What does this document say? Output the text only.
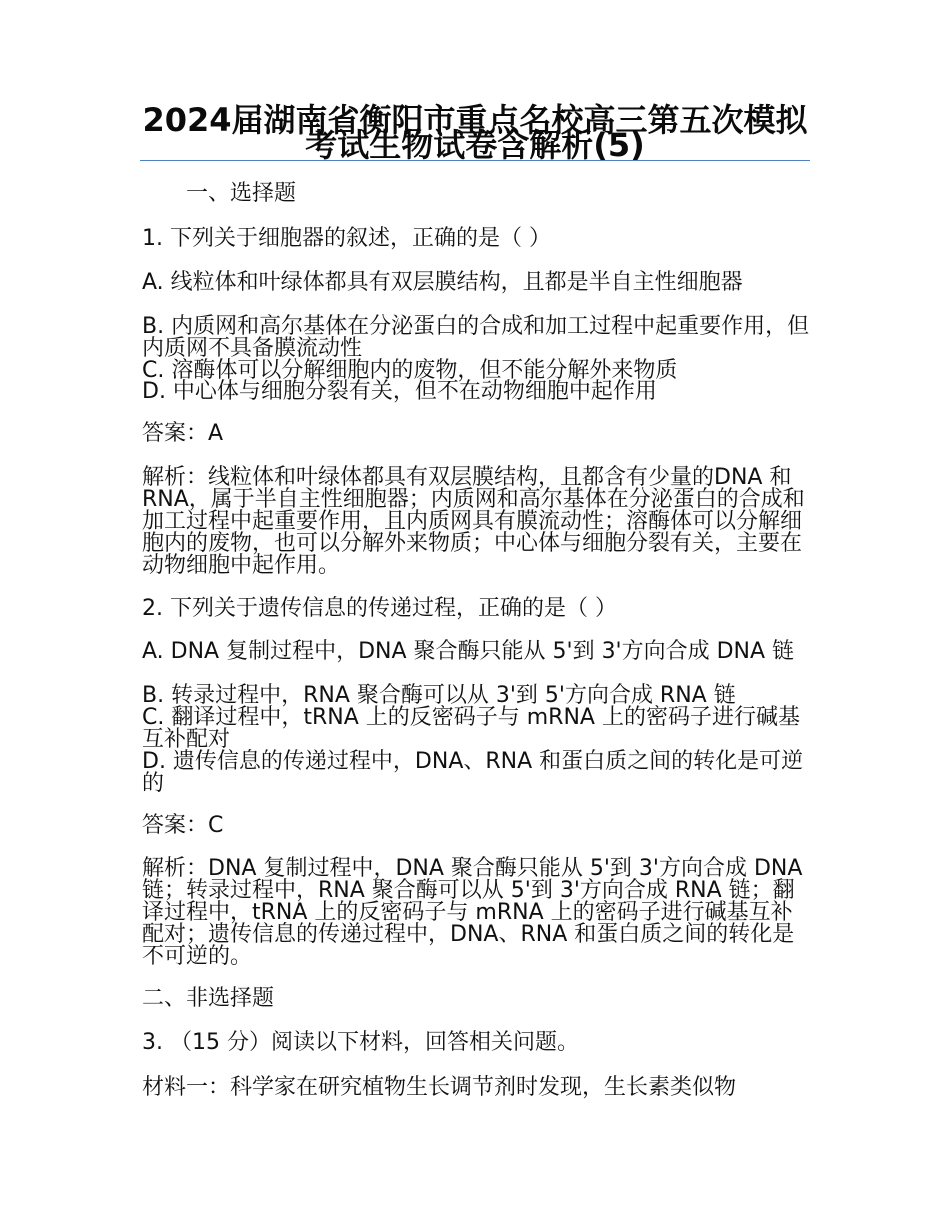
2024届湖南省衡阳市重点名校高三第五次模拟考试生物试卷含解析(5)

一、选择题

1. 下列关于细胞器的叙述，正确的是（ ）

A. 线粒体和叶绿体都具有双层膜结构，且都是半自主性细胞器

B. 内质网和高尔基体在分泌蛋白的合成和加工过程中起重要作用，但内质网不具备膜流动性

C. 溶酶体可以分解细胞内的废物，但不能分解外来物质

D. 中心体与细胞分裂有关，但不在动物细胞中起作用

答案：A

解析：线粒体和叶绿体都具有双层膜结构，且都含有少量的DNA 和 RNA，属于半自主性细胞器；内质网和高尔基体在分泌蛋白的合成和加工过程中起重要作用，且内质网具有膜流动性；溶酶体可以分解细胞内的废物，也可以分解外来物质；中心体与细胞分裂有关，主要在动物细胞中起作用。

2. 下列关于遗传信息的传递过程，正确的是（ ）

A. DNA 复制过程中，DNA 聚合酶只能从 5'到 3'方向合成 DNA 链

B. 转录过程中，RNA 聚合酶可以从 3'到 5'方向合成 RNA 链

C. 翻译过程中，tRNA 上的反密码子与 mRNA 上的密码子进行碱基互补配对

D. 遗传信息的传递过程中，DNA、RNA 和蛋白质之间的转化是可逆的

答案：C

解析：DNA 复制过程中，DNA 聚合酶只能从 5'到 3'方向合成 DNA 链；转录过程中，RNA 聚合酶可以从 5'到 3'方向合成 RNA 链；翻译过程中，tRNA 上的反密码子与 mRNA 上的密码子进行碱基互补配对；遗传信息的传递过程中，DNA、RNA 和蛋白质之间的转化是不可逆的。

二、非选择题

3. （15 分）阅读以下材料，回答相关问题。

材料一：科学家在研究植物生长调节剂时发现，生长素类似物
